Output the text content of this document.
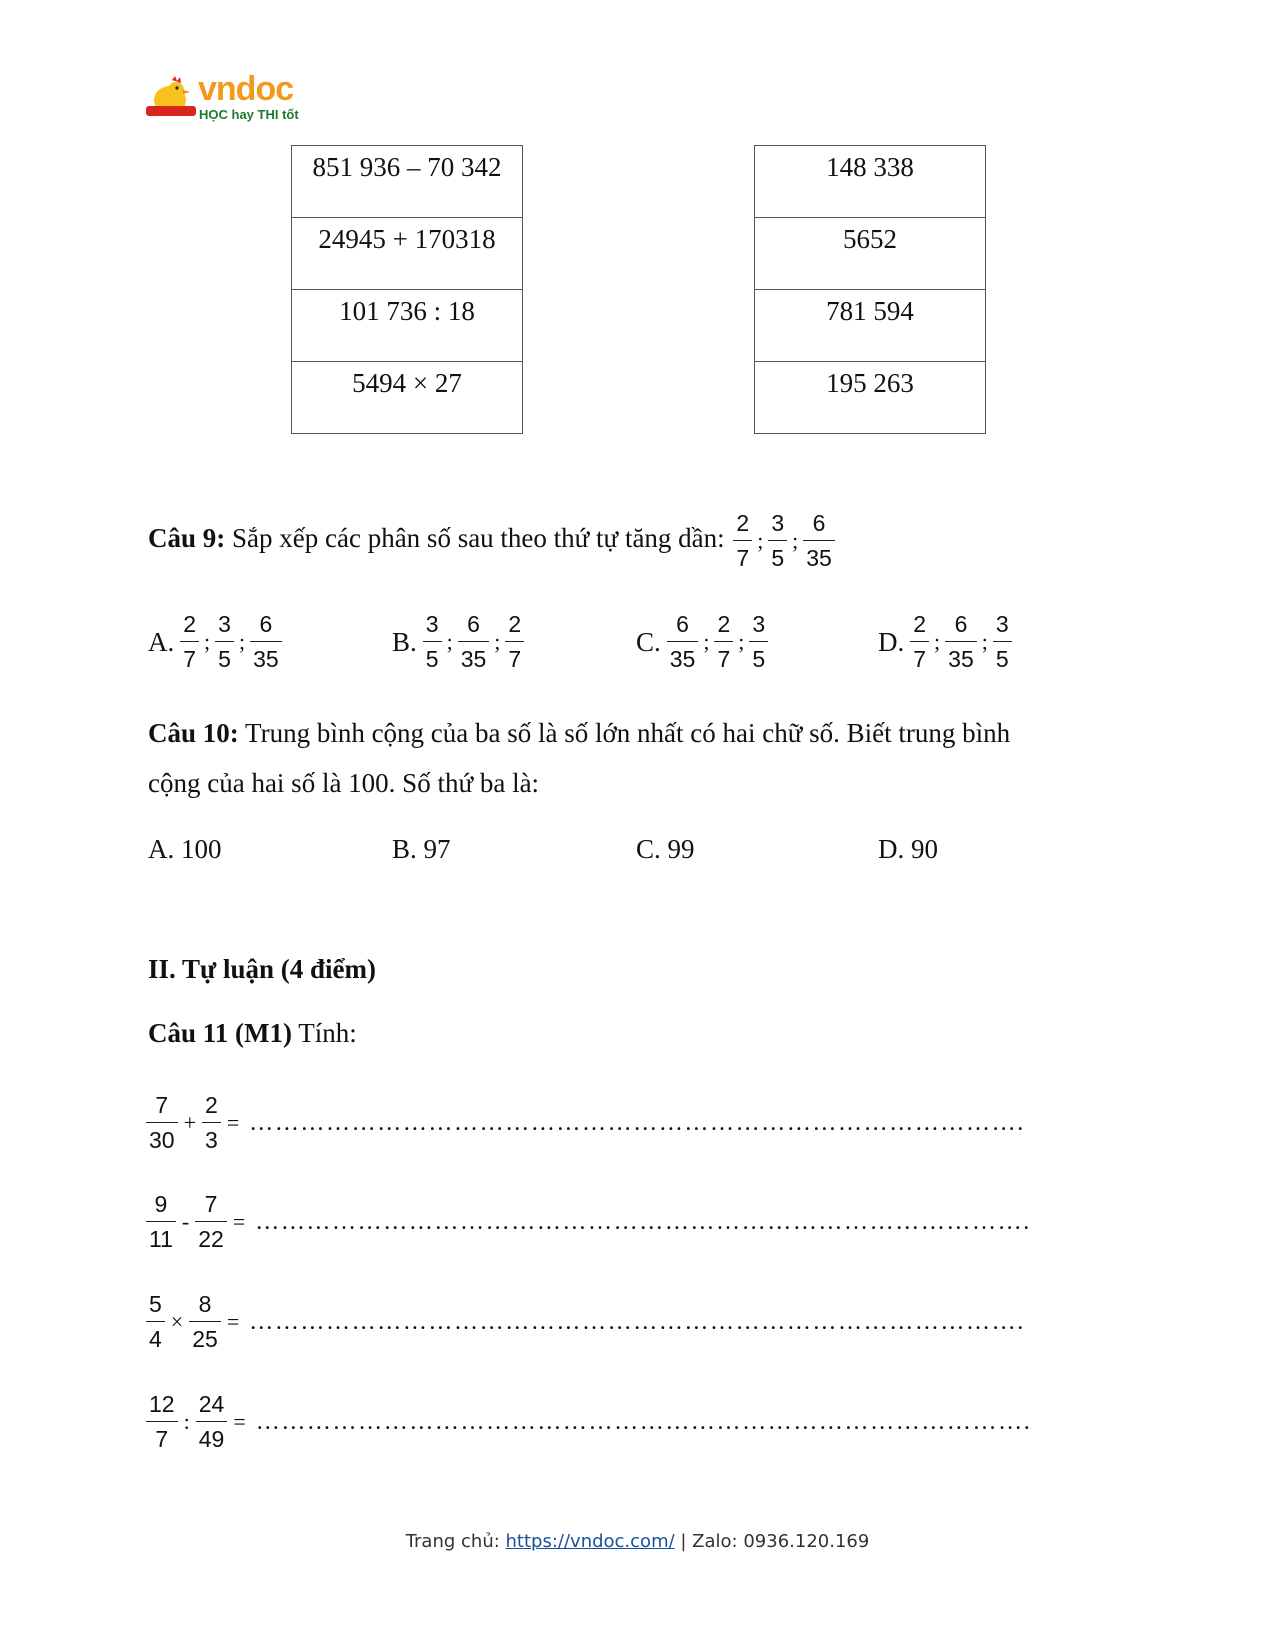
vndoc
HỌC hay THI tốt
851 936 – 70 342
24945 + 170318
101 736 : 18
5494 × 27
148 338
5652
781 594
195 263
Câu 9: Sắp xếp các phân số sau theo thứ tự tăng dần: $\frac{2}{7}$ ; $\frac{3}{5}$ ; $\frac{6}{35}$
A. $\frac{2}{7}$ ; $\frac{3}{5}$ ; $\frac{6}{35}$	B. $\frac{3}{5}$ ; $\frac{6}{35}$ ; $\frac{2}{7}$	C. $\frac{6}{35}$ ; $\frac{2}{7}$ ; $\frac{3}{5}$	D. $\frac{2}{7}$ ; $\frac{6}{35}$ ; $\frac{3}{5}$
Câu 10: Trung bình cộng của ba số là số lớn nhất có hai chữ số. Biết trung bình
cộng của hai số là 100. Số thứ ba là:
A. 100	B. 97	C. 99	D. 90
II. Tự luận (4 điểm)
Câu 11 (M1) Tính:
$\frac{7}{30} + \frac{2}{3}$ = ……………………………………………………………………………….
$\frac{9}{11} - \frac{7}{22}$ = ……………………………………………………………………………….
$\frac{5}{4} \times \frac{8}{25}$ = ……………………………………………………………………………….
$\frac{12}{7}$ : $\frac{24}{49}$ = ……………………………………………………………………………….
Trang chủ: https://vndoc.com/ | Zalo: 0936.120.169
